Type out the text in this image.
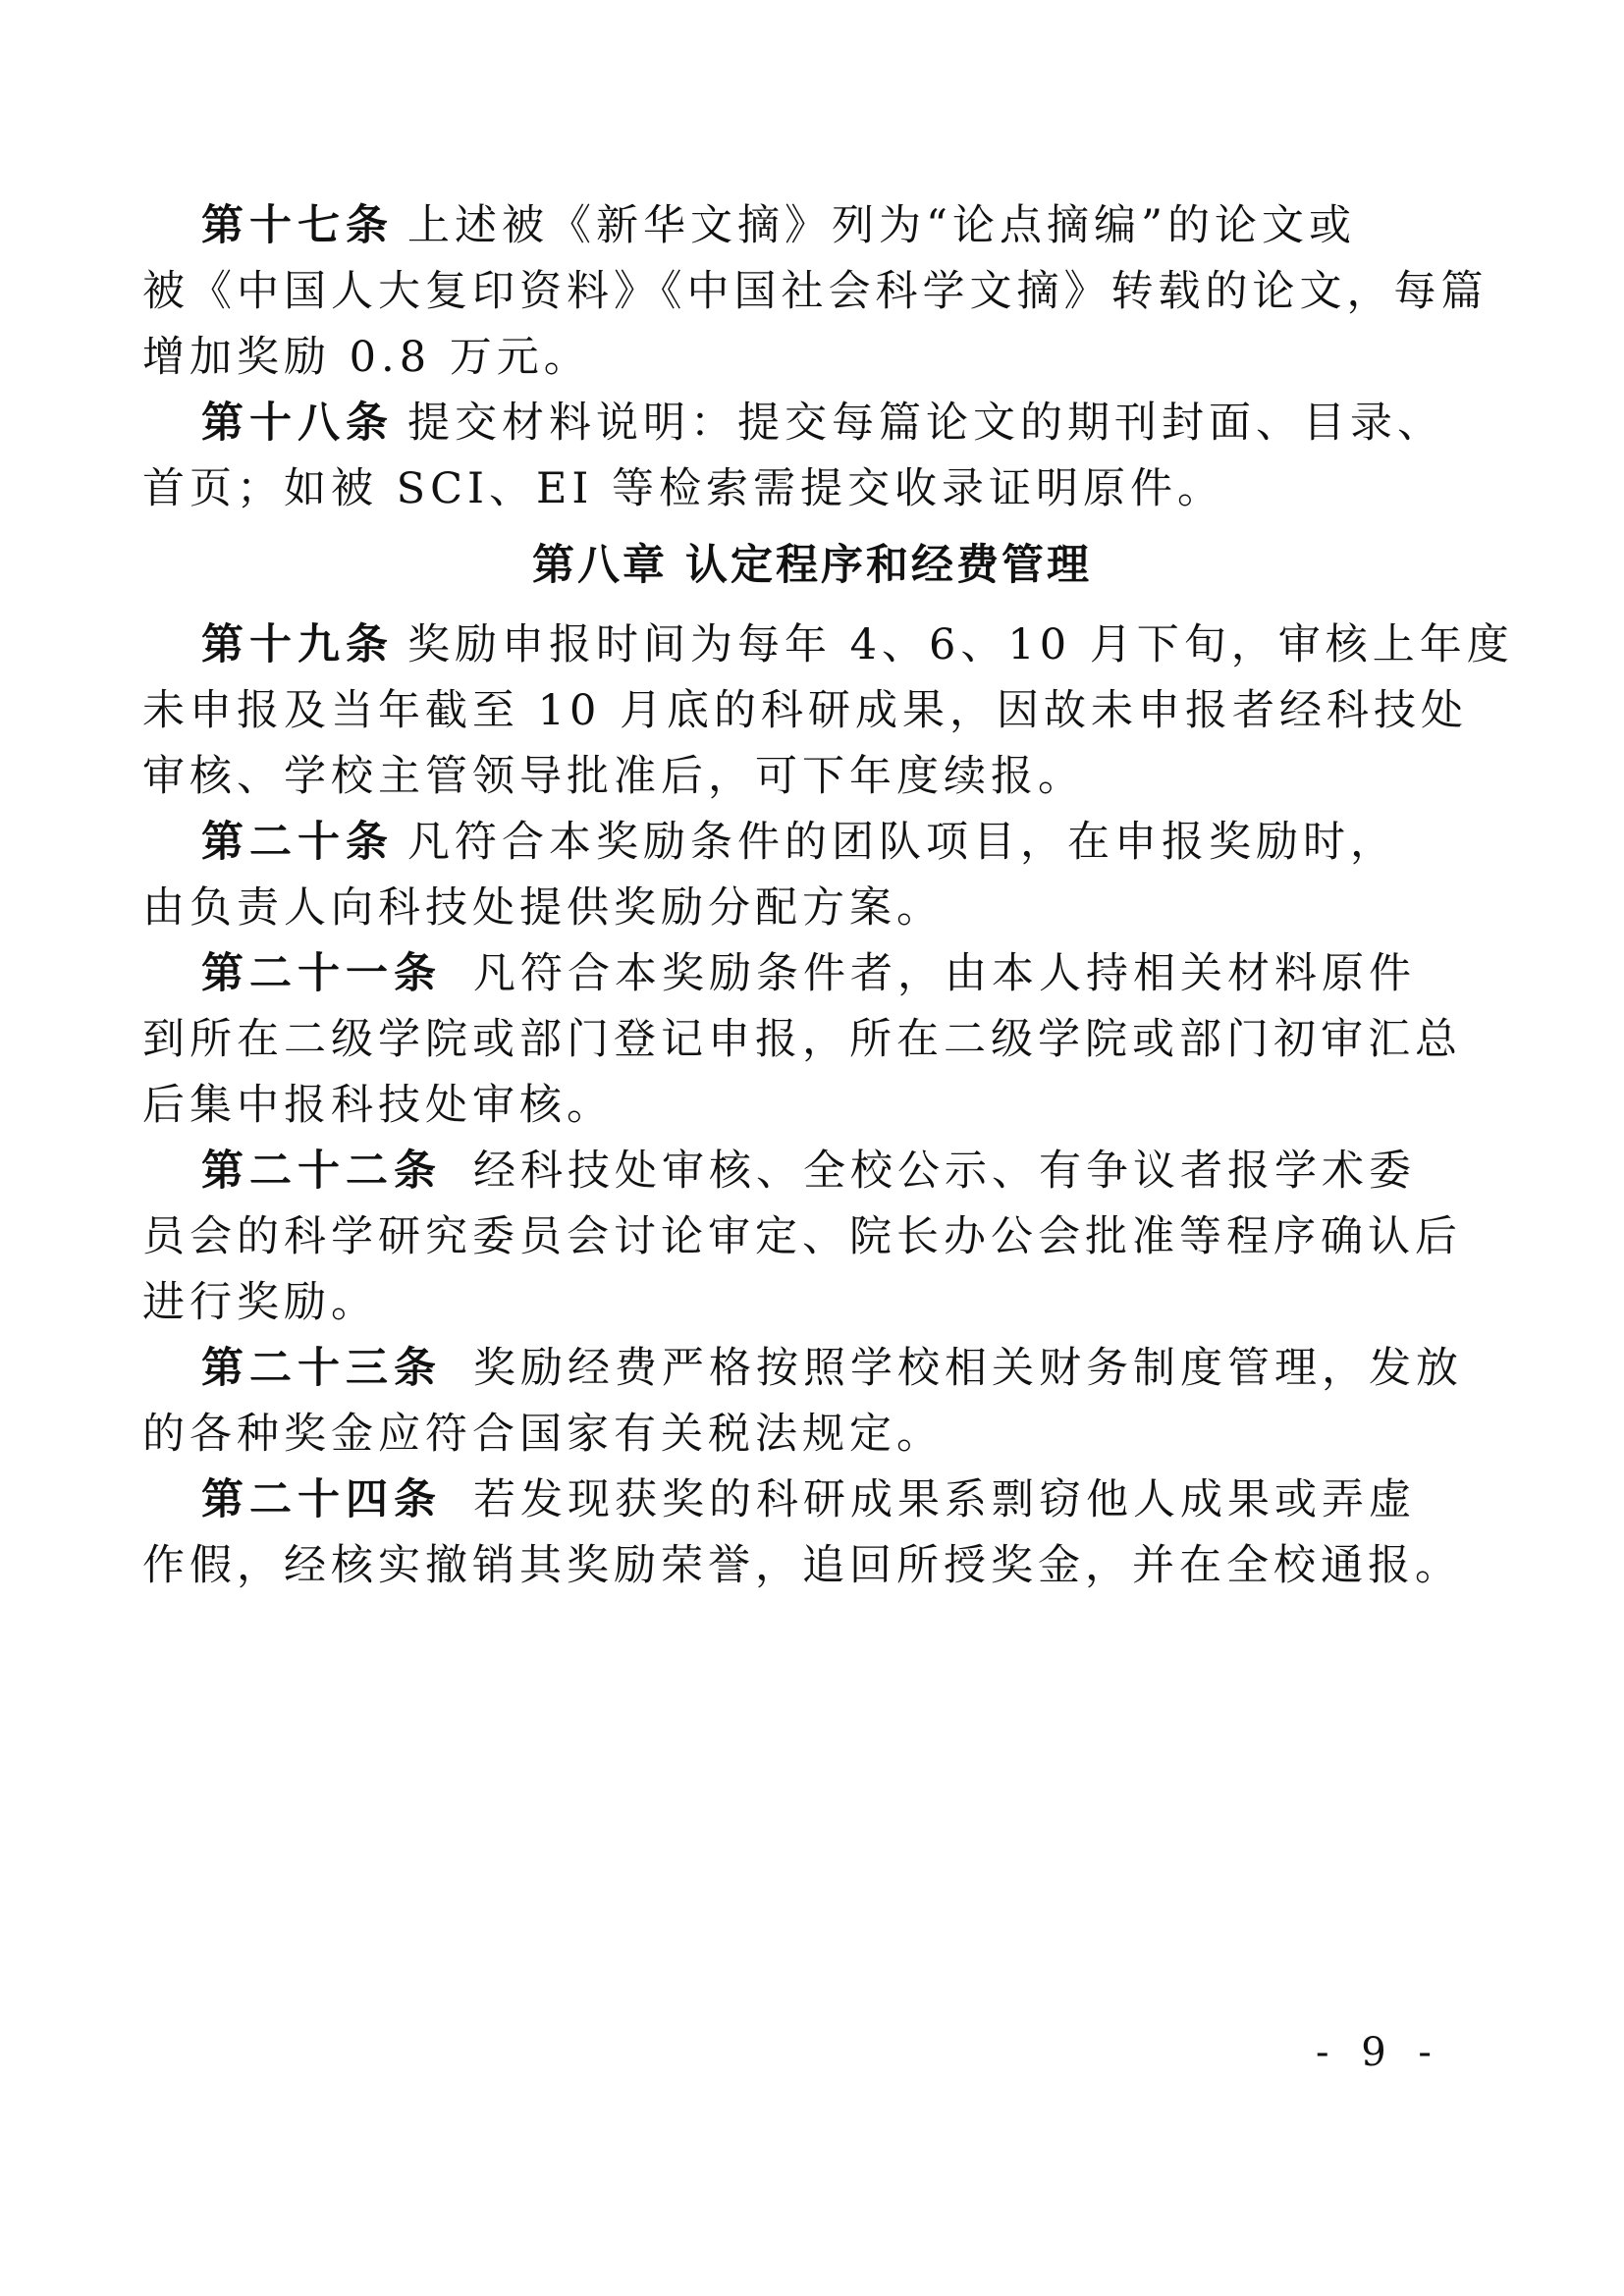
第十七条 上述被《新华文摘》列为“论点摘编”的论文或
被《中国人大复印资料》《中国社会科学文摘》转载的论文，每篇
增加奖励 0.8 万元。
第十八条 提交材料说明：提交每篇论文的期刊封面、目录、
首页；如被 SCI、EI 等检索需提交收录证明原件。
第八章 认定程序和经费管理
第十九条 奖励申报时间为每年 4、6、10 月下旬，审核上年度
未申报及当年截至 10 月底的科研成果，因故未申报者经科技处
审核、学校主管领导批准后，可下年度续报。
第二十条 凡符合本奖励条件的团队项目，在申报奖励时，
由负责人向科技处提供奖励分配方案。
第二十一条 凡符合本奖励条件者，由本人持相关材料原件
到所在二级学院或部门登记申报，所在二级学院或部门初审汇总
后集中报科技处审核。
第二十二条 经科技处审核、全校公示、有争议者报学术委
员会的科学研究委员会讨论审定、院长办公会批准等程序确认后
进行奖励。
第二十三条 奖励经费严格按照学校相关财务制度管理，发放
的各种奖金应符合国家有关税法规定。
第二十四条 若发现获奖的科研成果系剽窃他人成果或弄虚
作假，经核实撤销其奖励荣誉，追回所授奖金，并在全校通报。
- 9 -
